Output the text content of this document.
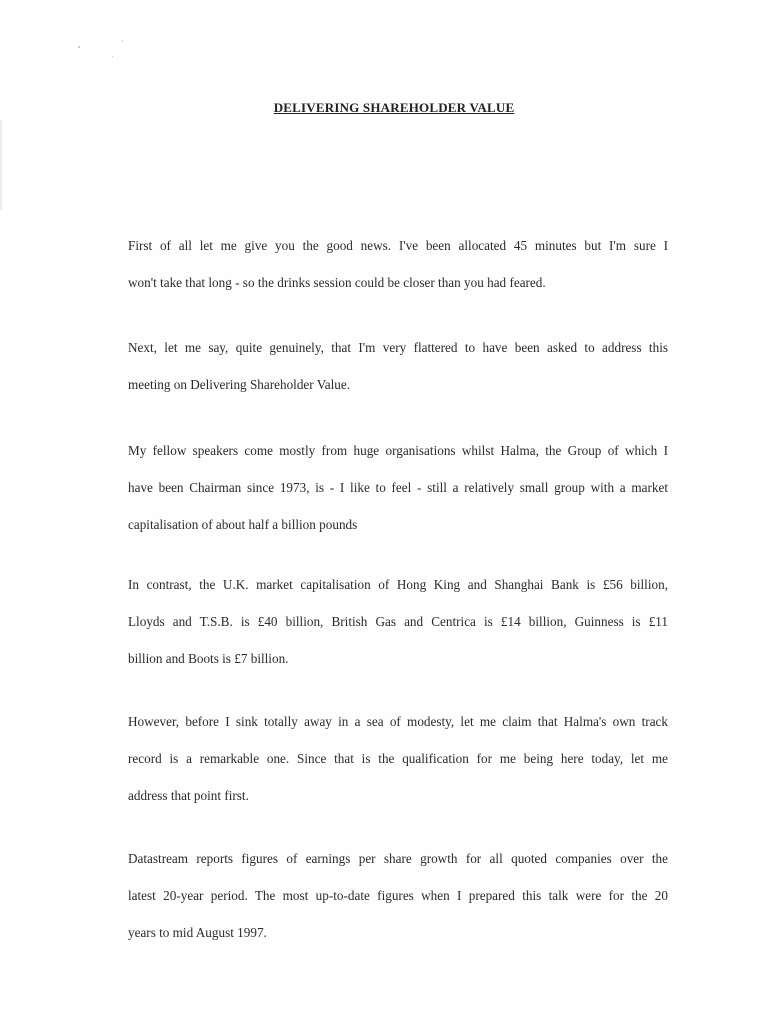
DELIVERING SHAREHOLDER VALUE
First of all let me give you the good news. I've been allocated 45 minutes but I'm sure I
won't take that long - so the drinks session could be closer than you had feared.
Next, let me say, quite genuinely, that I'm very flattered to have been asked to address this
meeting on Delivering Shareholder Value.
My fellow speakers come mostly from huge organisations whilst Halma, the Group of which I
have been Chairman since 1973, is - I like to feel - still a relatively small group with a market
capitalisation of about half a billion pounds
In contrast, the U.K. market capitalisation of Hong King and Shanghai Bank is £56 billion,
Lloyds and T.S.B. is £40 billion, British Gas and Centrica is £14 billion, Guinness is £11
billion and Boots is £7 billion.
However, before I sink totally away in a sea of modesty, let me claim that Halma's own track
record is a remarkable one. Since that is the qualification for me being here today, let me
address that point first.
Datastream reports figures of earnings per share growth for all quoted companies over the
latest 20-year period. The most up-to-date figures when I prepared this talk were for the 20
years to mid August 1997.
